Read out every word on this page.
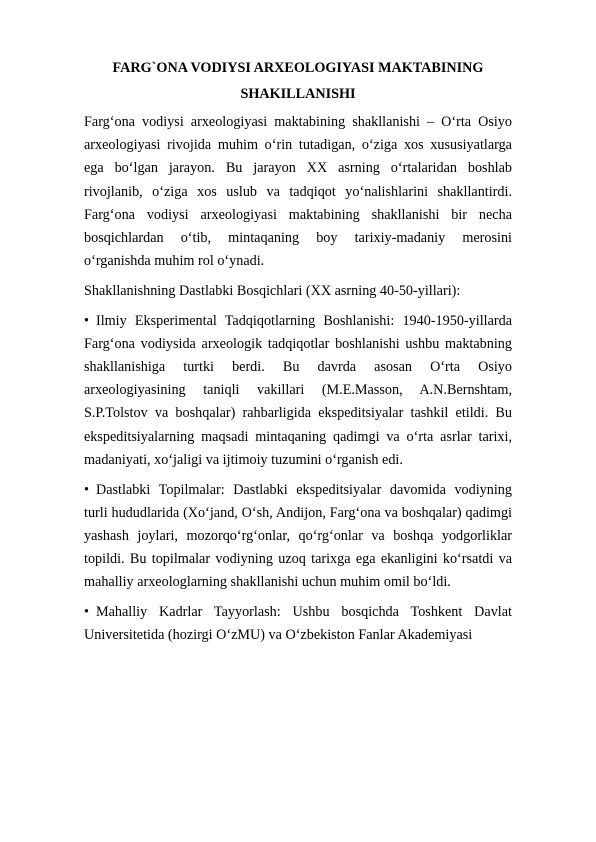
FARG`ONA VODIYSI ARXEOLOGIYASI MAKTABINING
SHAKILLANISHI

Farg‘ona vodiysi arxeologiyasi maktabining shakllanishi – O‘rta Osiyo arxeologiyasi rivojida muhim o‘rin tutadigan, o‘ziga xos xususiyatlarga ega bo‘lgan jarayon. Bu jarayon XX asrning o‘rtalaridan boshlab rivojlanib, o‘ziga xos uslub va tadqiqot yo‘nalishlarini shakllantirdi. Farg‘ona vodiysi arxeologiyasi maktabining shakllanishi bir necha bosqichlardan o‘tib, mintaqaning boy tarixiy-madaniy merosini o‘rganishda muhim rol o‘ynadi.

Shakllanishning Dastlabki Bosqichlari (XX asrning 40-50-yillari):

• Ilmiy Eksperimental Tadqiqotlarning Boshlanishi: 1940-1950-yillarda Farg‘ona vodiysida arxeologik tadqiqotlar boshlanishi ushbu maktabning shakllanishiga turtki berdi. Bu davrda asosan O‘rta Osiyo arxeologiyasining taniqli vakillari (M.E.Masson, A.N.Bernshtam, S.P.Tolstov va boshqalar) rahbarligida ekspeditsiyalar tashkil etildi. Bu ekspeditsiyalarning maqsadi mintaqaning qadimgi va o‘rta asrlar tarixi, madaniyati, xo‘jaligi va ijtimoiy tuzumini o‘rganish edi.

• Dastlabki Topilmalar: Dastlabki ekspeditsiyalar davomida vodiyning turli hududlarida (Xo‘jand, O‘sh, Andijon, Farg‘ona va boshqalar) qadimgi yashash joylari, mozorqo‘rg‘onlar, qo‘rg‘onlar va boshqa yodgorliklar topildi. Bu topilmalar vodiyning uzoq tarixga ega ekanligini ko‘rsatdi va mahalliy arxeologlarning shakllanishi uchun muhim omil bo‘ldi.

• Mahalliy Kadrlar Tayyorlash: Ushbu bosqichda Toshkent Davlat Universitetida (hozirgi O‘zMU) va O‘zbekiston Fanlar Akademiyasi
